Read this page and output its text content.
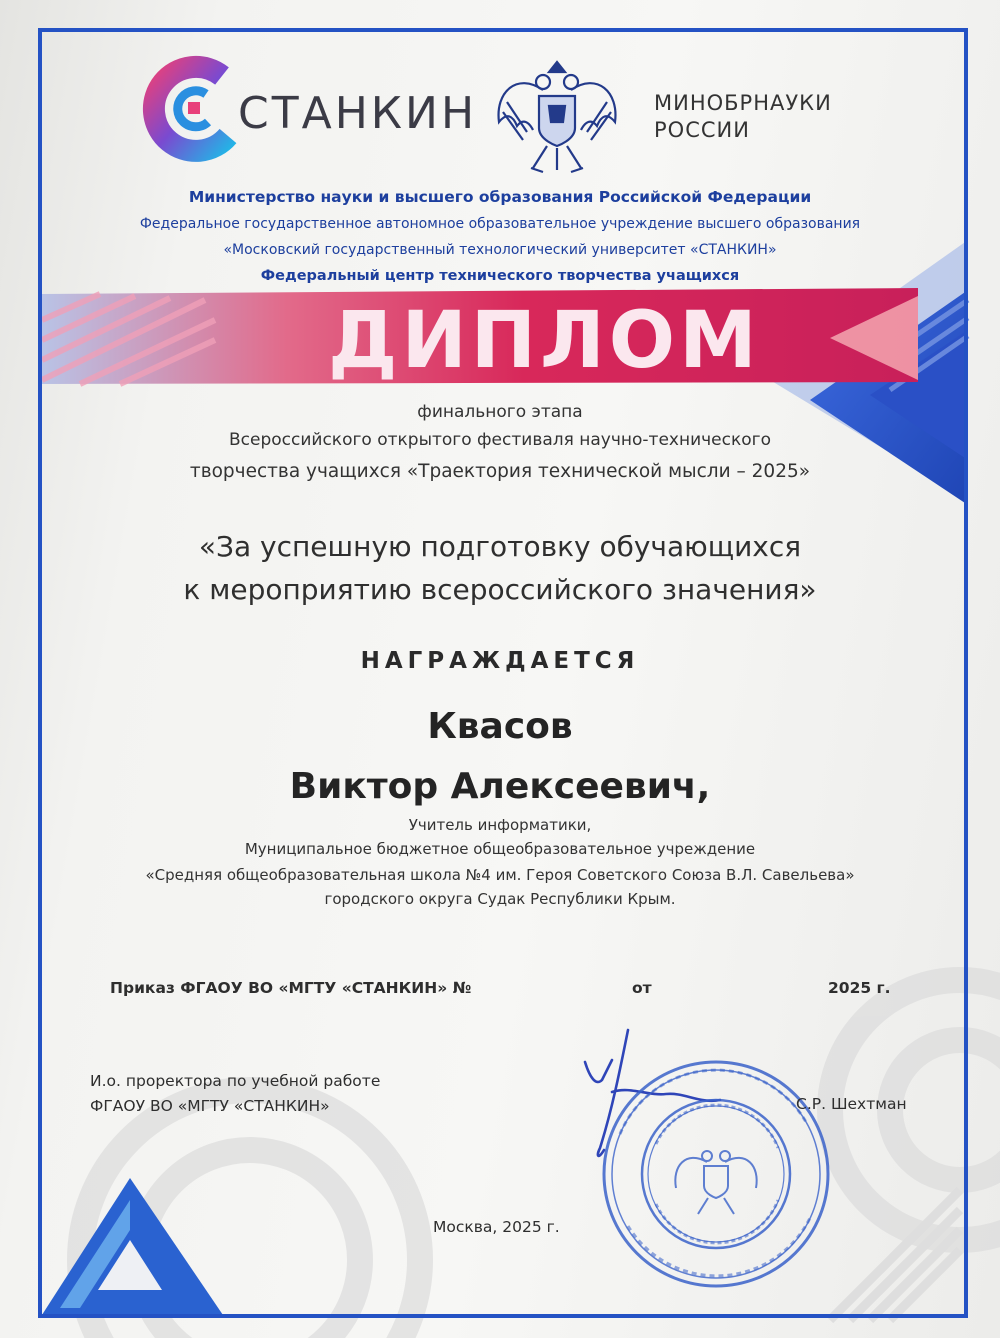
СТАНКИН	МИНОБРНАУКИ
РОССИИ
Министерство науки и высшего образования Российской Федерации
Федеральное государственное автономное образовательное учреждение высшего образования
«Московский государственный технологический университет «СТАНКИН»
Федеральный центр технического творчества учащихся
ДИПЛОМ
финального этапа
Всероссийского открытого фестиваля научно-технического
творчества учащихся «Траектория технической мысли – 2025»
«За успешную подготовку обучающихся
к мероприятию всероссийского значения»
НАГРАЖДАЕТСЯ
Квасов
Виктор Алексеевич,
Учитель информатики,
Муниципальное бюджетное общеобразовательное учреждение
«Средняя общеобразовательная школа №4 им. Героя Советского Союза В.Л. Савельева»
городского округа Судак Республики Крым.
Приказ ФГАОУ ВО «МГТУ «СТАНКИН» №	от	2025 г.
И.о. проректора по учебной работе
ФГАОУ ВО «МГТУ «СТАНКИН»	С.Р. Шехтман
Москва, 2025 г.
